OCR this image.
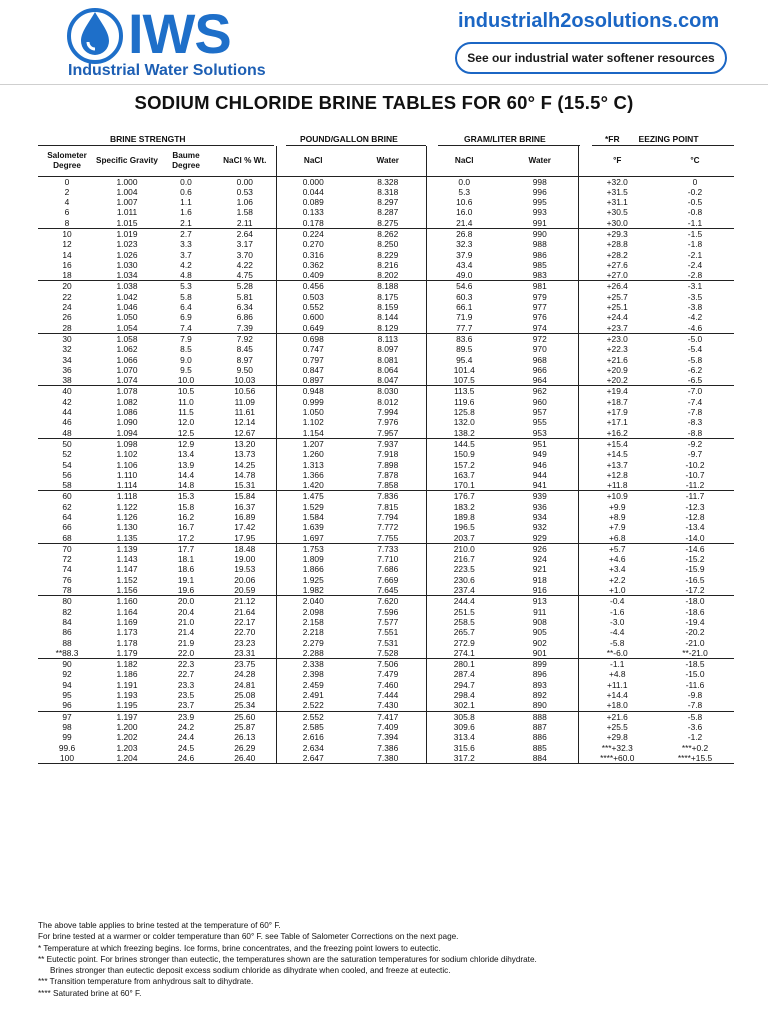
IWS
Industrial Water Solutions
industrialh2osolutions.com
See our industrial water softener resources
SODIUM CHLORIDE BRINE TABLES FOR 60° F (15.5° C)
BRINE STRENGTH	POUND/GALLON BRINE	GRAM/LITER BRINE	*FR        EEZING POINT
Salometer Degree	Specific Gravity	Baume Degree	NaCl % Wt.	NaCl	Water	NaCl	Water	°F	°C
0	1.000	0.0	0.00	0.000	8.328	0.0	998	+32.0	0
2	1.004	0.6	0.53	0.044	8.318	5.3	996	+31.5	-0.2
4	1.007	1.1	1.06	0.089	8.297	10.6	995	+31.1	-0.5
6	1.011	1.6	1.58	0.133	8.287	16.0	993	+30.5	-0.8
8	1.015	2.1	2.11	0.178	8.275	21.4	991	+30.0	-1.1
10	1.019	2.7	2.64	0.224	8.262	26.8	990	+29.3	-1.5
12	1.023	3.3	3.17	0.270	8.250	32.3	988	+28.8	-1.8
14	1.026	3.7	3.70	0.316	8.229	37.9	986	+28.2	-2.1
16	1.030	4.2	4.22	0.362	8.216	43.4	985	+27.6	-2.4
18	1.034	4.8	4.75	0.409	8.202	49.0	983	+27.0	-2.8
20	1.038	5.3	5.28	0.456	8.188	54.6	981	+26.4	-3.1
22	1.042	5.8	5.81	0.503	8.175	60.3	979	+25.7	-3.5
24	1.046	6.4	6.34	0.552	8.159	66.1	977	+25.1	-3.8
26	1.050	6.9	6.86	0.600	8.144	71.9	976	+24.4	-4.2
28	1.054	7.4	7.39	0.649	8.129	77.7	974	+23.7	-4.6
30	1.058	7.9	7.92	0.698	8.113	83.6	972	+23.0	-5.0
32	1.062	8.5	8.45	0.747	8.097	89.5	970	+22.3	-5.4
34	1.066	9.0	8.97	0.797	8.081	95.4	968	+21.6	-5.8
36	1.070	9.5	9.50	0.847	8.064	101.4	966	+20.9	-6.2
38	1.074	10.0	10.03	0.897	8.047	107.5	964	+20.2	-6.5
40	1.078	10.5	10.56	0.948	8.030	113.5	962	+19.4	-7.0
42	1.082	11.0	11.09	0.999	8.012	119.6	960	+18.7	-7.4
44	1.086	11.5	11.61	1.050	7.994	125.8	957	+17.9	-7.8
46	1.090	12.0	12.14	1.102	7.976	132.0	955	+17.1	-8.3
48	1.094	12.5	12.67	1.154	7.957	138.2	953	+16.2	-8.8
50	1.098	12.9	13.20	1.207	7.937	144.5	951	+15.4	-9.2
52	1.102	13.4	13.73	1.260	7.918	150.9	949	+14.5	-9.7
54	1.106	13.9	14.25	1.313	7.898	157.2	946	+13.7	-10.2
56	1.110	14.4	14.78	1.366	7.878	163.7	944	+12.8	-10.7
58	1.114	14.8	15.31	1.420	7.858	170.1	941	+11.8	-11.2
60	1.118	15.3	15.84	1.475	7.836	176.7	939	+10.9	-11.7
62	1.122	15.8	16.37	1.529	7.815	183.2	936	+9.9	-12.3
64	1.126	16.2	16.89	1.584	7.794	189.8	934	+8.9	-12.8
66	1.130	16.7	17.42	1.639	7.772	196.5	932	+7.9	-13.4
68	1.135	17.2	17.95	1.697	7.755	203.7	929	+6.8	-14.0
70	1.139	17.7	18.48	1.753	7.733	210.0	926	+5.7	-14.6
72	1.143	18.1	19.00	1.809	7.710	216.7	924	+4.6	-15.2
74	1.147	18.6	19.53	1.866	7.686	223.5	921	+3.4	-15.9
76	1.152	19.1	20.06	1.925	7.669	230.6	918	+2.2	-16.5
78	1.156	19.6	20.59	1.982	7.645	237.4	916	+1.0	-17.2
80	1.160	20.0	21.12	2.040	7.620	244.4	913	-0.4	-18.0
82	1.164	20.4	21.64	2.098	7.596	251.5	911	-1.6	-18.6
84	1.169	21.0	22.17	2.158	7.577	258.5	908	-3.0	-19.4
86	1.173	21.4	22.70	2.218	7.551	265.7	905	-4.4	-20.2
88	1.178	21.9	23.23	2.279	7.531	272.9	902	-5.8	-21.0
**88.3	1.179	22.0	23.31	2.288	7.528	274.1	901	**-6.0	**-21.0
90	1.182	22.3	23.75	2.338	7.506	280.1	899	-1.1	-18.5
92	1.186	22.7	24.28	2.398	7.479	287.4	896	+4.8	-15.0
94	1.191	23.3	24.81	2.459	7.460	294.7	893	+11.1	-11.6
95	1.193	23.5	25.08	2.491	7.444	298.4	892	+14.4	-9.8
96	1.195	23.7	25.34	2.522	7.430	302.1	890	+18.0	-7.8
97	1.197	23.9	25.60	2.552	7.417	305.8	888	+21.6	-5.8
98	1.200	24.2	25.87	2.585	7.409	309.6	887	+25.5	-3.6
99	1.202	24.4	26.13	2.616	7.394	313.4	886	+29.8	-1.2
99.6	1.203	24.5	26.29	2.634	7.386	315.6	885	***+32.3	***+0.2
100	1.204	24.6	26.40	2.647	7.380	317.2	884	****+60.0	****+15.5
The above table applies to brine tested at the temperature of 60° F.
For brine tested at a warmer or colder temperature than 60° F. see Table of Salometer Corrections on the next page.
* Temperature at which freezing begins. Ice forms, brine concentrates, and the freezing point lowers to eutectic.
** Eutectic point. For brines stronger than eutectic, the temperatures shown are the saturation temperatures for sodium chloride dihydrate.
Brines stronger than eutectic deposit excess sodium chloride as dihydrate when cooled, and freeze at eutectic.
*** Transition temperature from anhydrous salt to dihydrate.
**** Saturated brine at 60° F.
